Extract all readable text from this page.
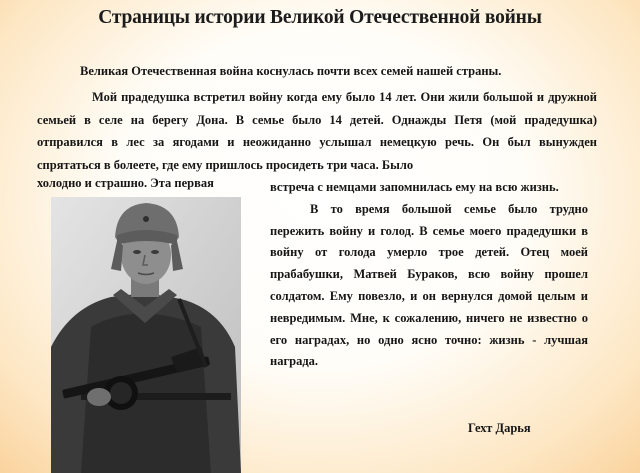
Страницы истории Великой Отечественной войны
Великая Отечественная война коснулась почти всех семей нашей страны.
Мой прадедушка встретил войну когда ему было 14 лет. Они жили большой и дружной семьей в селе на берегу Дона. В семье было 14 детей. Однажды Петя (мой прадедушка) отправился в лес за ягодами и неожиданно услышал немецкую речь. Он был вынужден спрятаться в болеете, где ему пришлось просидеть три часа. Было
холодно и страшно. Эта первая	встреча с немцами запомнилась ему на всю жизнь.

В то время большой семье было трудно пережить войну и голод. В семье моего прадедушки в войну от голода умерло трое детей. Отец моей прабабушки, Матвей Бураков, всю войну прошел солдатом. Ему повезло, и он вернулся домой целым и невредимым. Мне, к сожалению, ничего не известно о его наградах, но одно ясно точно: жизнь - лучшая награда.

Гехт Дарья
